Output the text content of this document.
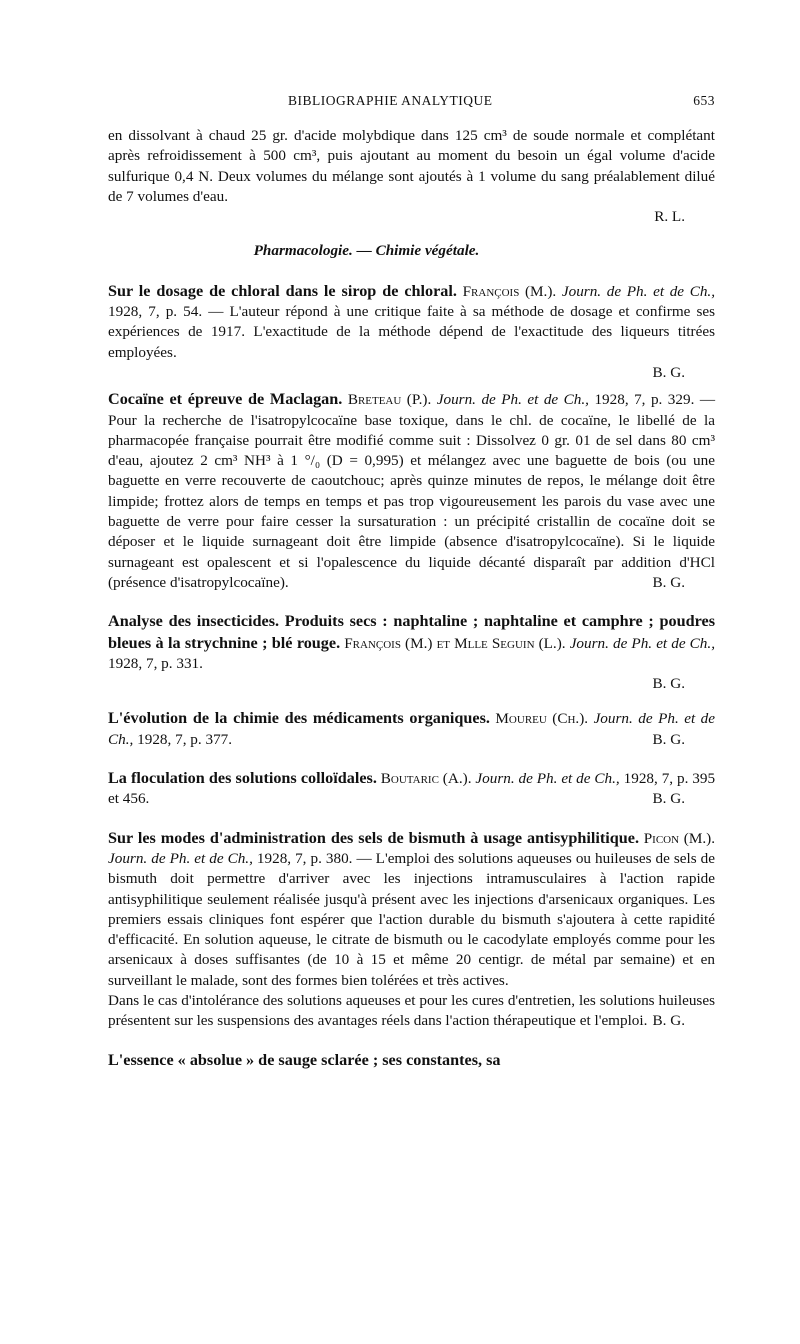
BIBLIOGRAPHIE ANALYTIQUE	653

en dissolvant à chaud 25 gr. d'acide molybdique dans 125 cm³ de soude normale et complétant après refroidissement à 500 cm³, puis ajoutant au moment du besoin un égal volume d'acide sulfurique 0,4 N. Deux volumes du mélange sont ajoutés à 1 volume du sang préalablement dilué de 7 volumes d'eau.

R. L.
Pharmacologie. — Chimie végétale.

Sur le dosage de chloral dans le sirop de chloral. François (M.). Journ. de Ph. et de Ch., 1928, 7, p. 54. — L'auteur répond à une critique faite à sa méthode de dosage et confirme ses expériences de 1917. L'exactitude de la méthode dépend de l'exactitude des liqueurs titrées employées.

B. G.

Cocaïne et épreuve de Maclagan. Breteau (P.). Journ. de Ph. et de Ch., 1928, 7, p. 329. — Pour la recherche de l'isatropylcocaïne base toxique, dans le chl. de cocaïne, le libellé de la pharmacopée française pourrait être modifié comme suit : Dissolvez 0 gr. 01 de sel dans 80 cm³ d'eau, ajoutez 2 cm³ NH³ à 1 °/₀ (D = 0,995) et mélangez avec une baguette de bois (ou une baguette en verre recouverte de caoutchouc; après quinze minutes de repos, le mélange doit être limpide; frottez alors de temps en temps et pas trop vigoureusement les parois du vase avec une baguette de verre pour faire cesser la sursaturation : un précipité cristallin de cocaïne doit se déposer et le liquide surnageant doit être limpide (absence d'isatropylcocaïne). Si le liquide surnageant est opalescent et si l'opalescence du liquide décanté disparaît par addition d'HCl (présence d'isatropylcocaïne).	B. G.

Analyse des insecticides. Produits secs : naphtaline ; naphtaline et camphre ; poudres bleues à la strychnine ; blé rouge. François (M.) et Mlle Seguin (L.). Journ. de Ph. et de Ch., 1928, 7, p. 331.

B. G.

L'évolution de la chimie des médicaments organiques. Moureu (Ch.). Journ. de Ph. et de Ch., 1928, 7, p. 377.	B. G.

La floculation des solutions colloïdales. Boutaric (A.). Journ. de Ph. et de Ch., 1928, 7, p. 395 et 456.	B. G.

Sur les modes d'administration des sels de bismuth à usage antisyphilitique. Picon (M.). Journ. de Ph. et de Ch., 1928, 7, p. 380. — L'emploi des solutions aqueuses ou huileuses de sels de bismuth doit permettre d'arriver avec les injections intramusculaires à l'action rapide antisyphilitique seulement réalisée jusqu'à présent avec les injections d'arsenicaux organiques. Les premiers essais cliniques font espérer que l'action durable du bismuth s'ajoutera à cette rapidité d'efficacité. En solution aqueuse, le citrate de bismuth ou le cacodylate employés comme pour les arsenicaux à doses suffisantes (de 10 à 15 et même 20 centigr. de métal par semaine) et en surveillant le malade, sont des formes bien tolérées et très actives.

Dans le cas d'intolérance des solutions aqueuses et pour les cures d'entretien, les solutions huileuses présentent sur les suspensions des avantages réels dans l'action thérapeutique et l'emploi. B. G.

L'essence « absolue » de sauge sclarée ; ses constantes, sa
